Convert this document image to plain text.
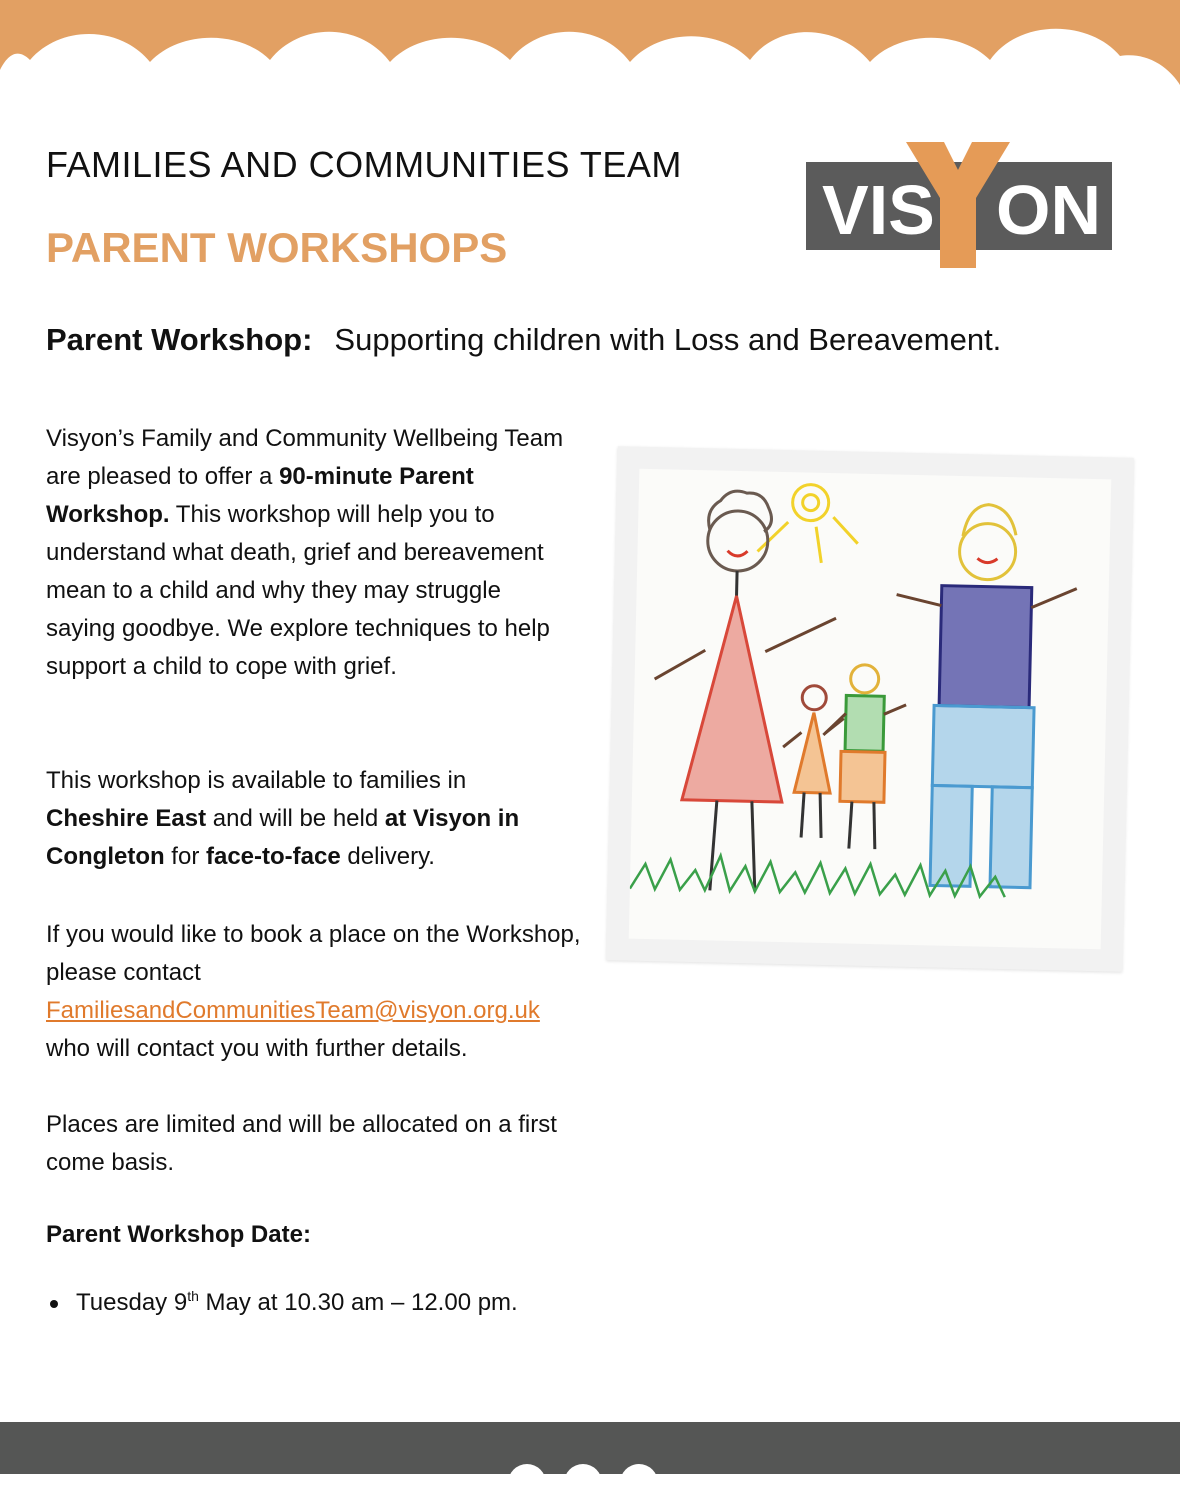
FAMILIES AND COMMUNITIES TEAM
PARENT WORKSHOPS	VIS ON
Parent Workshop: Supporting children with Loss and Bereavement.

Visyon’s Family and Community Wellbeing Team are pleased to offer a 90-minute Parent Workshop. This workshop will help you to understand what death, grief and bereavement mean to a child and why they may struggle saying goodbye. We explore techniques to help support a child to cope with grief.

This workshop is available to families in Cheshire East and will be held at Visyon in Congleton for face-to-face delivery.

If you would like to book a place on the Workshop, please contact FamiliesandCommunitiesTeam@visyon.org.uk
who will contact you with further details.

Places are limited and will be allocated on a first come basis.

Parent Workshop Date:

Tuesday 9th May at 10.30 am – 12.00 pm.
